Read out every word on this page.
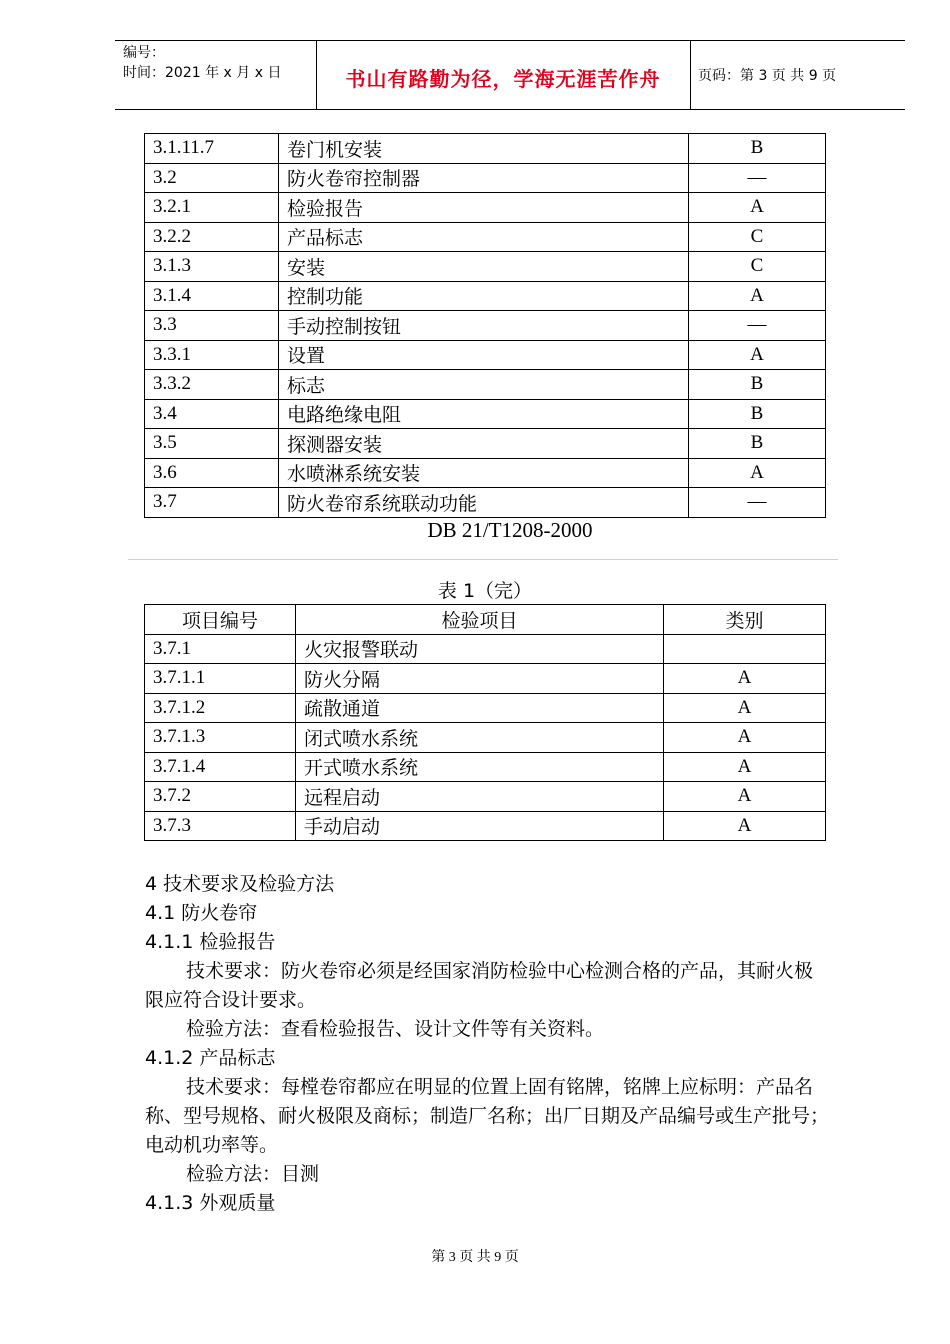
编号：
时间：2021 年 x 月 x 日	书山有路勤为径，学海无涯苦作舟	页码：第 3 页 共 9 页
3.1.11.7	卷门机安装	B
3.2	防火卷帘控制器	—
3.2.1	检验报告	A
3.2.2	产品标志	C
3.1.3	安装	C
3.1.4	控制功能	A
3.3	手动控制按钮	—
3.3.1	设置	A
3.3.2	标志	B
3.4	电路绝缘电阻	B
3.5	探测器安装	B
3.6	水喷淋系统安装	A
3.7	防火卷帘系统联动功能	—
DB 21/T1208-2000
表 1（完）
项目编号	检验项目	类别
3.7.1	火灾报警联动	
3.7.1.1	防火分隔	A
3.7.1.2	疏散通道	A
3.7.1.3	闭式喷水系统	A
3.7.1.4	开式喷水系统	A
3.7.2	远程启动	A
3.7.3	手动启动	A

4 技术要求及检验方法

4.1 防火卷帘

4.1.1 检验报告

技术要求：防火卷帘必须是经国家消防检验中心检测合格的产品，其耐火极

限应符合设计要求。

检验方法：查看检验报告、设计文件等有关资料。

4.1.2 产品标志

技术要求：每樘卷帘都应在明显的位置上固有铭牌，铭牌上应标明：产品名

称、型号规格、耐火极限及商标；制造厂名称；出厂日期及产品编号或生产批号；

电动机功率等。

检验方法：目测

4.1.3 外观质量

第 3 页 共 9 页
